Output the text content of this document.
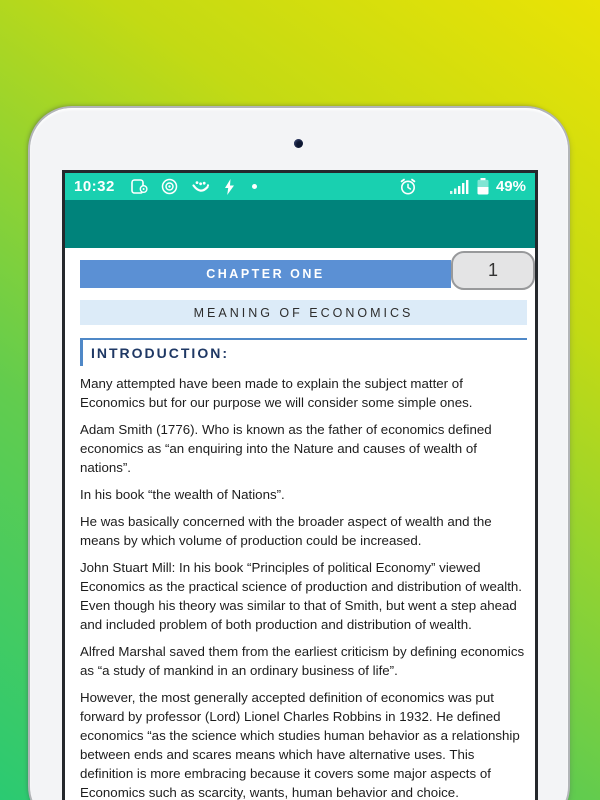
10:32	49%
CHAPTER ONE	1
MEANING OF ECONOMICS
INTRODUCTION:

Many attempted have been made to explain the subject matter of Economics but for our purpose we will consider some simple ones.

Adam Smith (1776). Who is known as the father of economics defined economics as “an enquiring into the Nature and causes of wealth of nations”.

In his book “the wealth of Nations”.

He was basically concerned with the broader aspect of wealth and the means by which volume of production could be increased.

John Stuart Mill: In his book “Principles of political Economy” viewed Economics as the practical science of production and distribution of wealth. Even though his theory was similar to that of Smith, but went a step ahead and included problem of both production and distribution of wealth.

Alfred Marshal saved them from the earliest criticism by defining economics as “a study of mankind in an ordinary business of life”.

However, the most generally accepted definition of economics was put forward by professor (Lord) Lionel Charles Robbins in 1932. He defined economics “as the science which studies human behavior as a relationship between ends and scares means which have alternative uses. This definition is more embracing because it covers some major aspects of Economics such as scarcity, wants, human behavior and choice.
